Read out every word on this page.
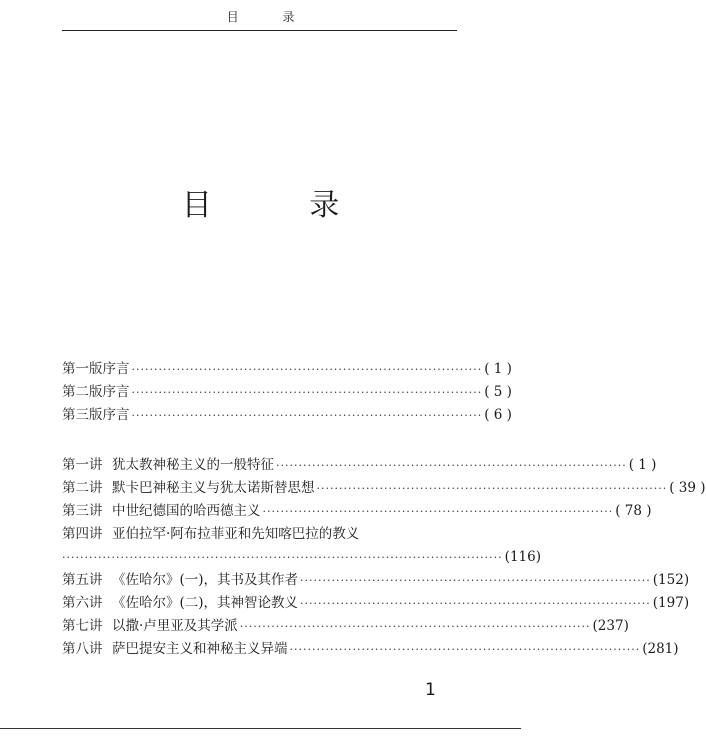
目 录
目 录
第一版序言 ·············································································· ( 1 )
第二版序言 ·············································································· ( 5 )
第三版序言 ·············································································· ( 6 )
第一讲 犹太教神秘主义的一般特征 ·············································································· ( 1 )
第二讲 默卡巴神秘主义与犹太诺斯替思想 ·············································································· ( 39 )
第三讲 中世纪德国的哈西德主义 ·············································································· ( 78 )
第四讲 亚伯拉罕·阿布拉菲亚和先知喀巴拉的教义
·································································································· (116)
第五讲 《佐哈尔》(一)，其书及其作者 ·············································································· (152)
第六讲 《佐哈尔》(二)，其神智论教义 ·············································································· (197)
第七讲 以撒·卢里亚及其学派 ·············································································· (237)
第八讲 萨巴提安主义和神秘主义异端 ·············································································· (281)
1
